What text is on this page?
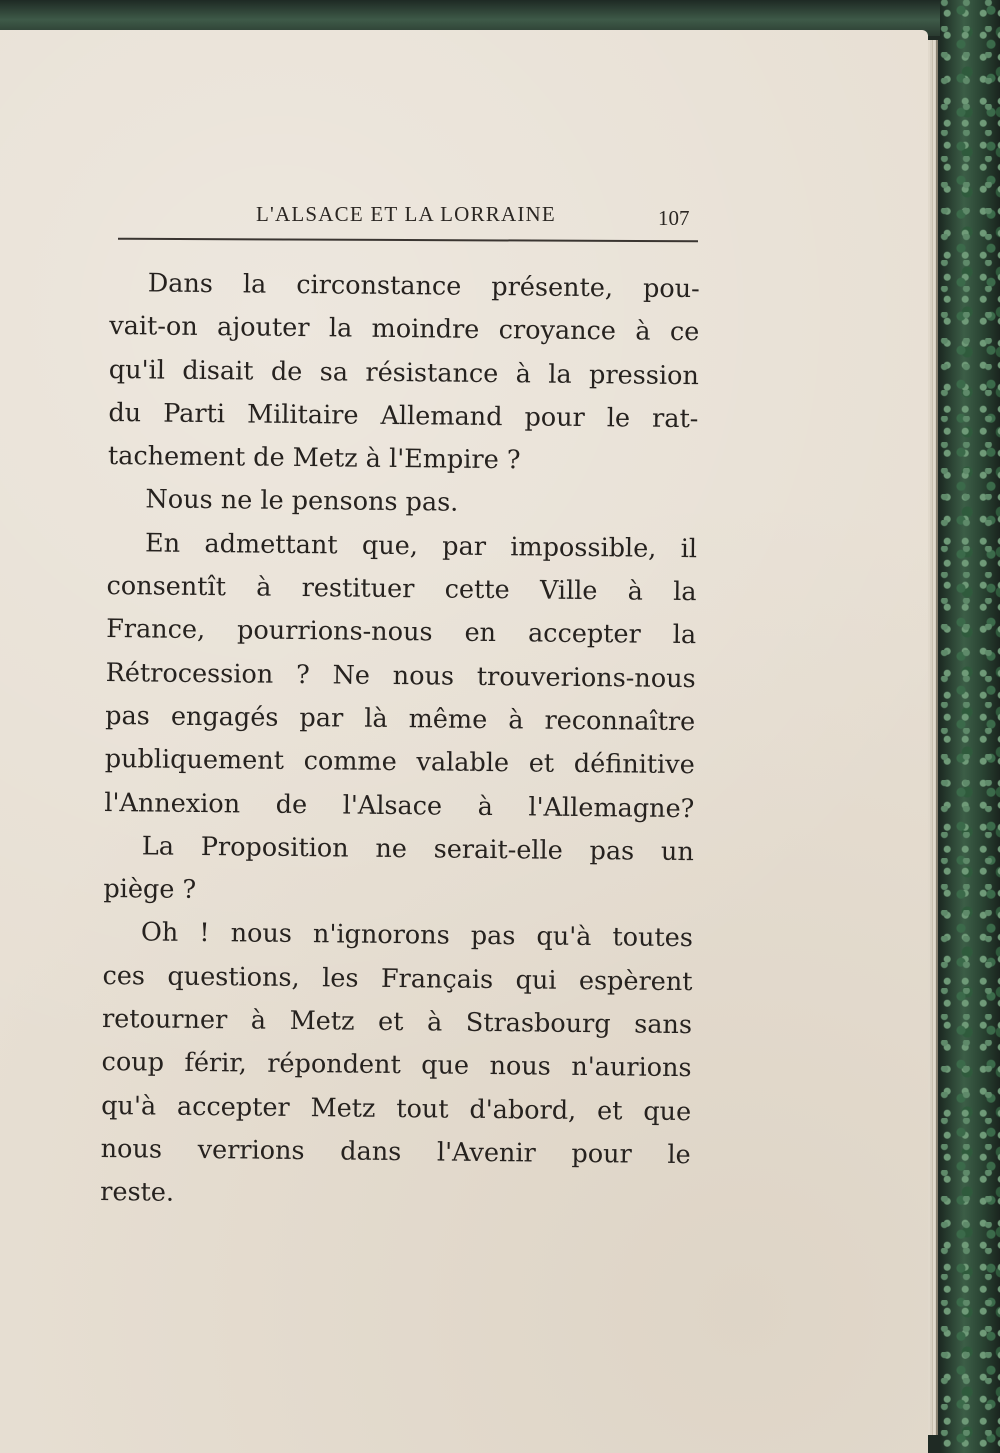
L'ALSACE ET LA LORRAINE	107
Dans la circonstance présente, pou-
vait-on ajouter la moindre croyance à ce
qu'il disait de sa résistance à la pression
du Parti Militaire Allemand pour le rat-
tachement de Metz à l'Empire ?
Nous ne le pensons pas.
En admettant que, par impossible, il
consentît à restituer cette Ville à la
France, pourrions-nous en accepter la
Rétrocession ? Ne nous trouverions-nous
pas engagés par là même à reconnaître
publiquement comme valable et définitive
l'Annexion de l'Alsace à l'Allemagne?
La Proposition ne serait-elle pas un
piège ?
Oh ! nous n'ignorons pas qu'à toutes
ces questions, les Français qui espèrent
retourner à Metz et à Strasbourg sans
coup férir, répondent que nous n'aurions
qu'à accepter Metz tout d'abord, et que
nous verrions dans l'Avenir pour le
reste.
